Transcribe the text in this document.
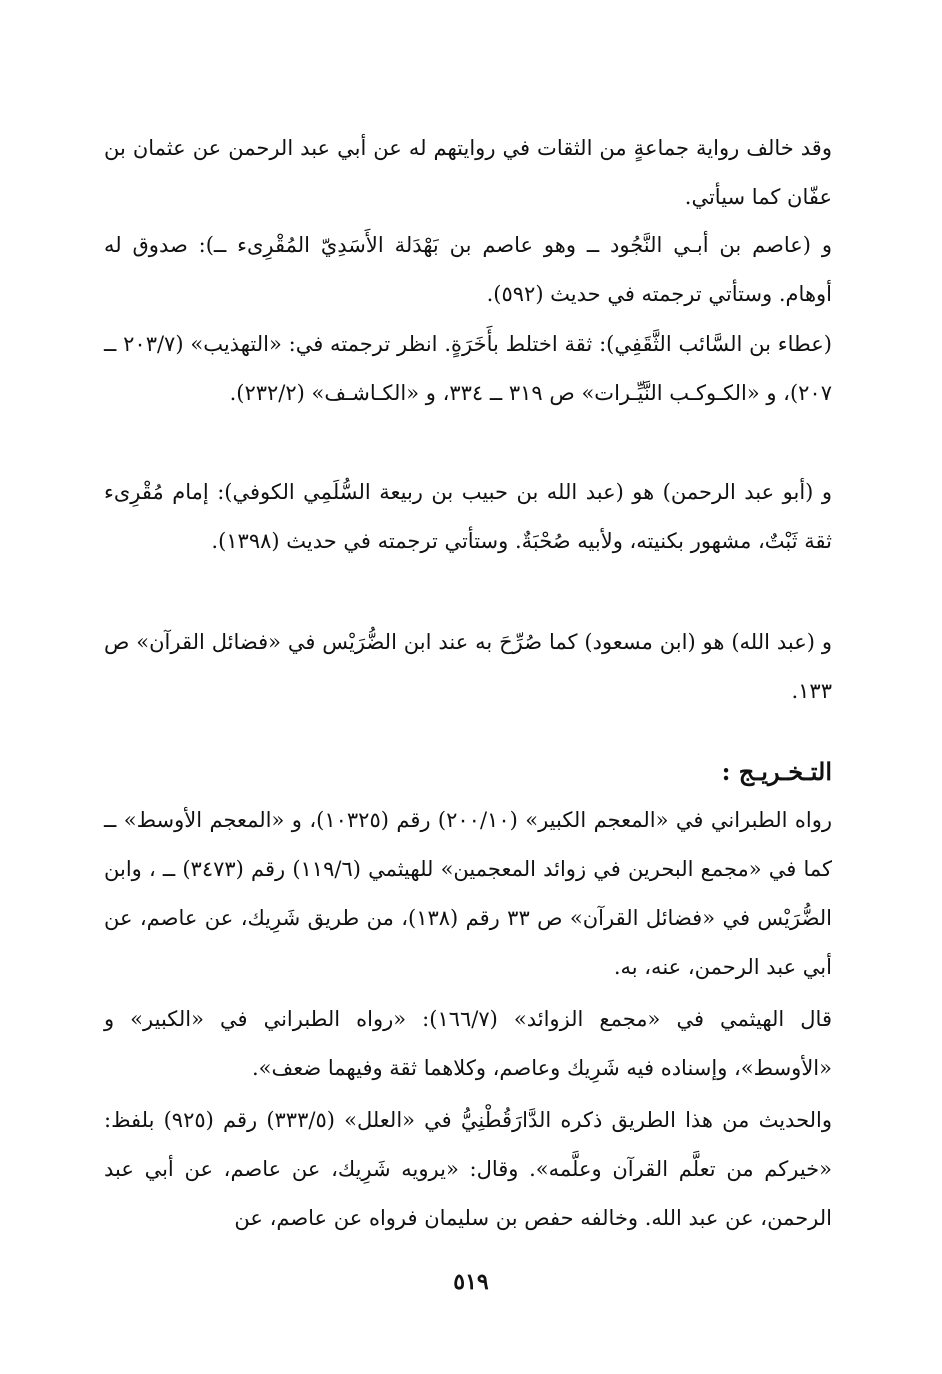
وقد خالف رواية جماعةٍ من الثقات في روايتهم له عن أبي عبد الرحمن عن عثمان بن عفّان كما سيأتي.

و (عاصم بن أبـي النَّجُود ــ وهو عاصم بن بَهْدَلة الأَسَدِيّ المُقْرِىء ــ): صدوق له أوهام. وستأتي ترجمته في حديث (٥٩٢).

(عطاء بن السَّائب الثَّقَفِي): ثقة اختلط بأَخَرَةٍ. انظر ترجمته في: «التهذيب» (٢٠٣/٧ ــ ٢٠٧)، و «الكـوكـب النَّيِّـرات» ص ٣١٩ ــ ٣٣٤، و «الكـاشـف» (٢٣٢/٢).

و (أبو عبد الرحمن) هو (عبد الله بن حبيب بن ربيعة السُّلَمِي الكوفي): إمام مُقْرِىء ثقة ثَبْتٌ، مشهور بكنيته، ولأبيه صُحْبَةٌ. وستأتي ترجمته في حديث (١٣٩٨).

و (عبد الله) هو (ابن مسعود) كما صُرِّحَ به عند ابن الضُّرَيْس في «فضائل القرآن» ص ١٣٣.

التـخـريـج :

رواه الطبراني في «المعجم الكبير» (٢٠٠/١٠) رقم (١٠٣٢٥)، و «المعجم الأوسط» ــ كما في «مجمع البحرين في زوائد المعجمين» للهيثمي (١١٩/٦) رقم (٣٤٧٣) ــ ، وابن الضُّرَيْس في «فضائل القرآن» ص ٣٣ رقم (١٣٨)، من طريق شَرِيك، عن عاصم، عن أبي عبد الرحمن، عنه، به.

قال الهيثمي في «مجمع الزوائد» (١٦٦/٧): «رواه الطبراني في «الكبير» و «الأوسط»، وإسناده فيه شَرِيك وعاصم، وكلاهما ثقة وفيهما ضعف».

والحديث من هذا الطريق ذكره الدَّارَقُطْنِيُّ في «العلل» (٣٣٣/٥) رقم (٩٢٥) بلفظ: «خيركم من تعلَّم القرآن وعلَّمه». وقال: «يرويه شَرِيك، عن عاصم، عن أبي عبد الرحمن، عن عبد الله. وخالفه حفص بن سليمان فرواه عن عاصم، عن

٥١٩
